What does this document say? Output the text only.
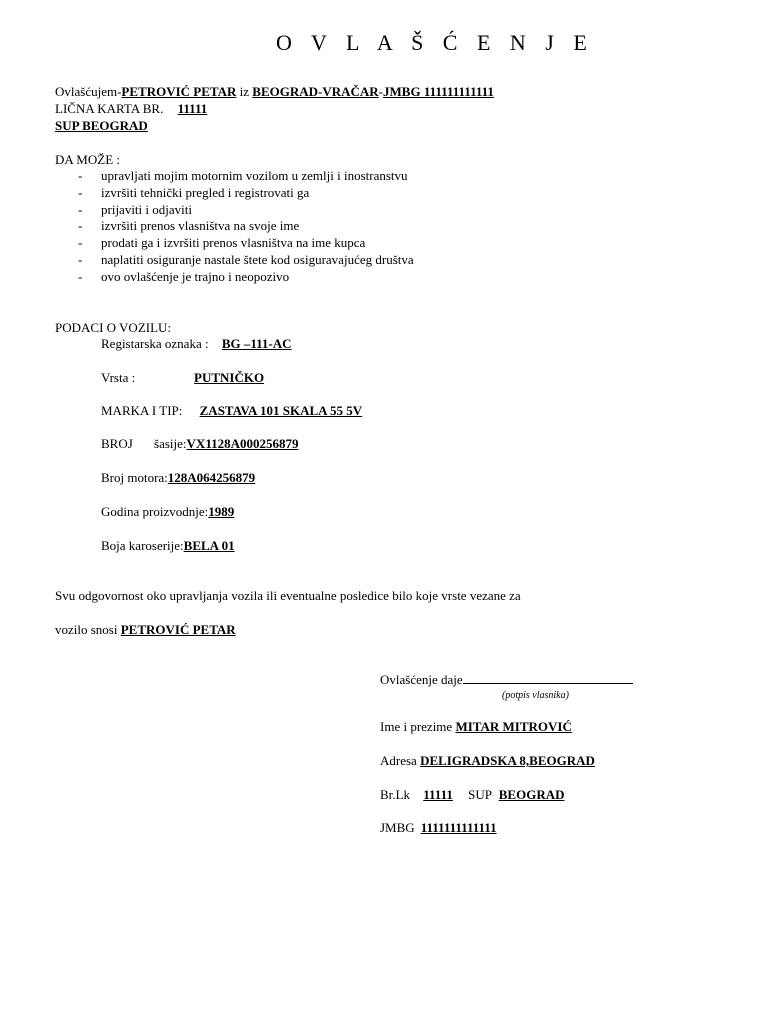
O V L A Š Ć E N J E
Ovlašćujem-PETROVIĆ PETAR iz BEOGRAD-VRAČAR-JMBG 111111111111
LIČNA KARTA BR. 11111
SUP BEOGRAD
DA MOŽE :
- upravljati mojim motornim vozilom u zemlji i inostranstvu
- izvršiti tehnički pregled i registrovati ga
- prijaviti i odjaviti
- izvršiti prenos vlasništva na svoje ime
- prodati ga i izvršiti prenos vlasništva na ime kupca
- naplatiti osiguranje nastale štete kod osiguravajućeg društva
- ovo ovlašćenje je trajno i neopozivo
PODACI O VOZILU:
Registarska oznaka : BG –111-AC
Vrsta :	PUTNIČKO
MARKA I TIP: ZASTAVA 101 SKALA 55 5V
BROJ šasije:VX1128A000256879
Broj motora:128A064256879
Godina proizvodnje:1989
Boja karoserije:BELA 01
Svu odgovornost oko upravljanja vozila ili eventualne posledice bilo koje vrste vezane za
vozilo snosi PETROVIĆ PETAR
Ovlašćenje daje
(potpis vlasnika)
Ime i prezime MITAR MITROVIĆ
Adresa DELIGRADSKA 8,BEOGRAD
Br.Lk 11111 SUP BEOGRAD
JMBG 1111111111111
